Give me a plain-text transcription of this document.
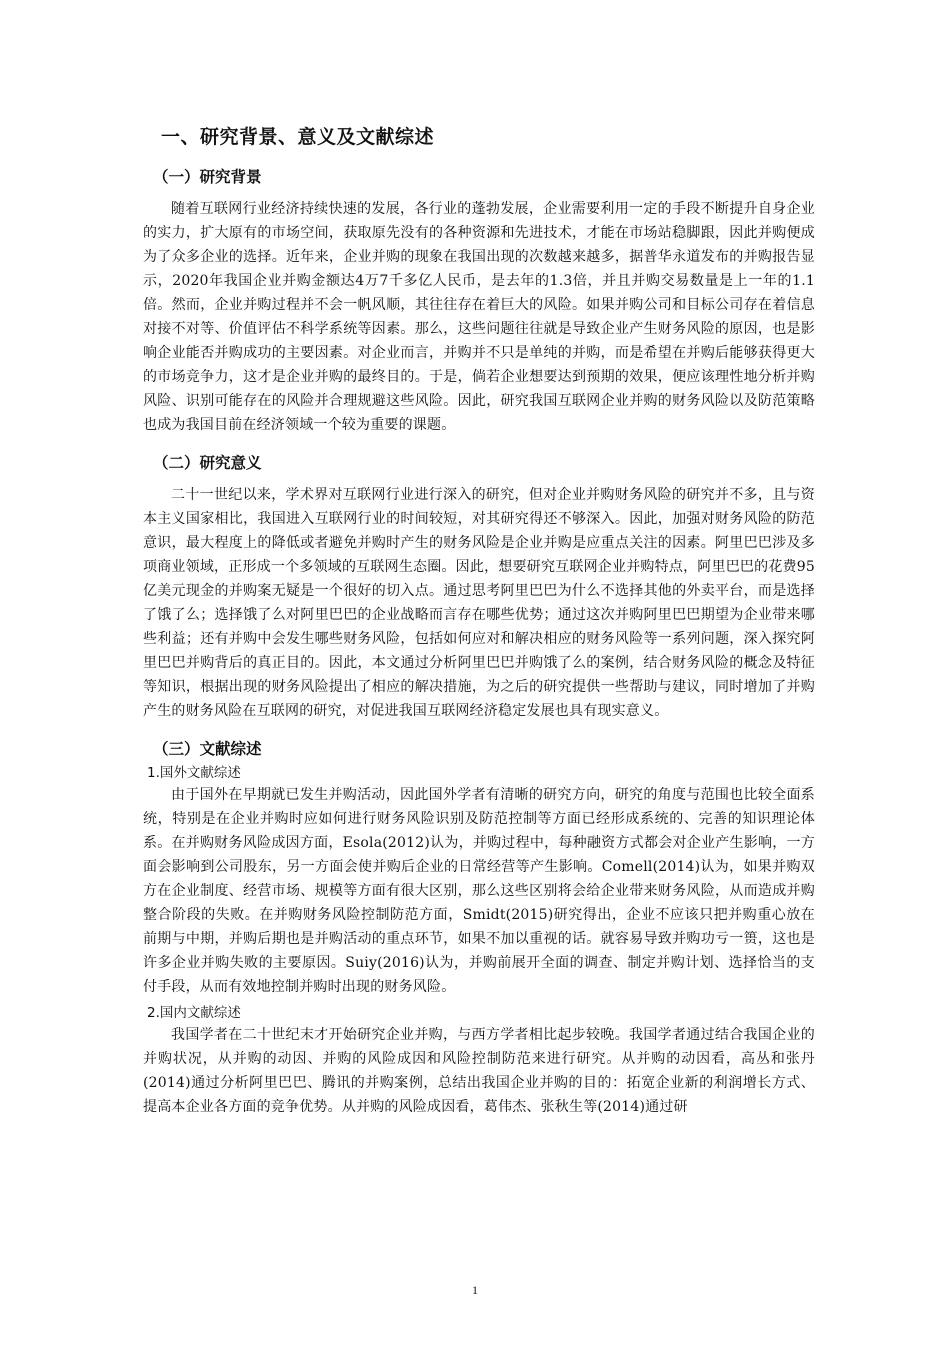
一、研究背景、意义及文献综述
（一）研究背景

随着互联网行业经济持续快速的发展，各行业的蓬勃发展，企业需要利用一定的手段不断提升自身企业的实力，扩大原有的市场空间，获取原先没有的各种资源和先进技术，才能在市场站稳脚跟，因此并购便成为了众多企业的选择。近年来，企业并购的现象在我国出现的次数越来越多，据普华永道发布的并购报告显示，2020年我国企业并购金额达4万7千多亿人民币，是去年的1.3倍，并且并购交易数量是上一年的1.1倍。然而，企业并购过程并不会一帆风顺，其往往存在着巨大的风险。如果并购公司和目标公司存在着信息对接不对等、价值评估不科学系统等因素。那么，这些问题往往就是导致企业产生财务风险的原因，也是影响企业能否并购成功的主要因素。对企业而言，并购并不只是单纯的并购，而是希望在并购后能够获得更大的市场竞争力，这才是企业并购的最终目的。于是，倘若企业想要达到预期的效果，便应该理性地分析并购风险、识别可能存在的风险并合理规避这些风险。因此，研究我国互联网企业并购的财务风险以及防范策略也成为我国目前在经济领域一个较为重要的课题。

（二）研究意义

二十一世纪以来，学术界对互联网行业进行深入的研究，但对企业并购财务风险的研究并不多，且与资本主义国家相比，我国进入互联网行业的时间较短，对其研究得还不够深入。因此，加强对财务风险的防范意识，最大程度上的降低或者避免并购时产生的财务风险是企业并购是应重点关注的因素。阿里巴巴涉及多项商业领域，正形成一个多领域的互联网生态圈。因此，想要研究互联网企业并购特点，阿里巴巴的花费95亿美元现金的并购案无疑是一个很好的切入点。通过思考阿里巴巴为什么不选择其他的外卖平台，而是选择了饿了么；选择饿了么对阿里巴巴的企业战略而言存在哪些优势；通过这次并购阿里巴巴期望为企业带来哪些利益；还有并购中会发生哪些财务风险，包括如何应对和解决相应的财务风险等一系列问题，深入探究阿里巴巴并购背后的真正目的。因此，本文通过分析阿里巴巴并购饿了么的案例，结合财务风险的概念及特征等知识，根据出现的财务风险提出了相应的解决措施，为之后的研究提供一些帮助与建议，同时增加了并购产生的财务风险在互联网的研究，对促进我国互联网经济稳定发展也具有现实意义。

（三）文献综述
1.国外文献综述

由于国外在早期就已发生并购活动，因此国外学者有清晰的研究方向，研究的角度与范围也比较全面系统，特别是在企业并购时应如何进行财务风险识别及防范控制等方面已经形成系统的、完善的知识理论体系。在并购财务风险成因方面，Esola(2012)认为，并购过程中，每种融资方式都会对企业产生影响，一方面会影响到公司股东，另一方面会使并购后企业的日常经营等产生影响。Comell(2014)认为，如果并购双方在企业制度、经营市场、规模等方面有很大区别，那么这些区别将会给企业带来财务风险，从而造成并购整合阶段的失败。在并购财务风险控制防范方面，Smidt(2015)研究得出，企业不应该只把并购重心放在前期与中期，并购后期也是并购活动的重点环节，如果不加以重视的话。就容易导致并购功亏一篑，这也是许多企业并购失败的主要原因。Suiy(2016)认为，并购前展开全面的调查、制定并购计划、选择恰当的支付手段，从而有效地控制并购时出现的财务风险。

2.国内文献综述

我国学者在二十世纪末才开始研究企业并购，与西方学者相比起步较晚。我国学者通过结合我国企业的并购状况，从并购的动因、并购的风险成因和风险控制防范来进行研究。从并购的动因看，高丛和张丹(2014)通过分析阿里巴巴、腾讯的并购案例，总结出我国企业并购的目的：拓宽企业新的利润增长方式、提高本企业各方面的竞争优势。从并购的风险成因看，葛伟杰、张秋生等(2014)通过研

1
